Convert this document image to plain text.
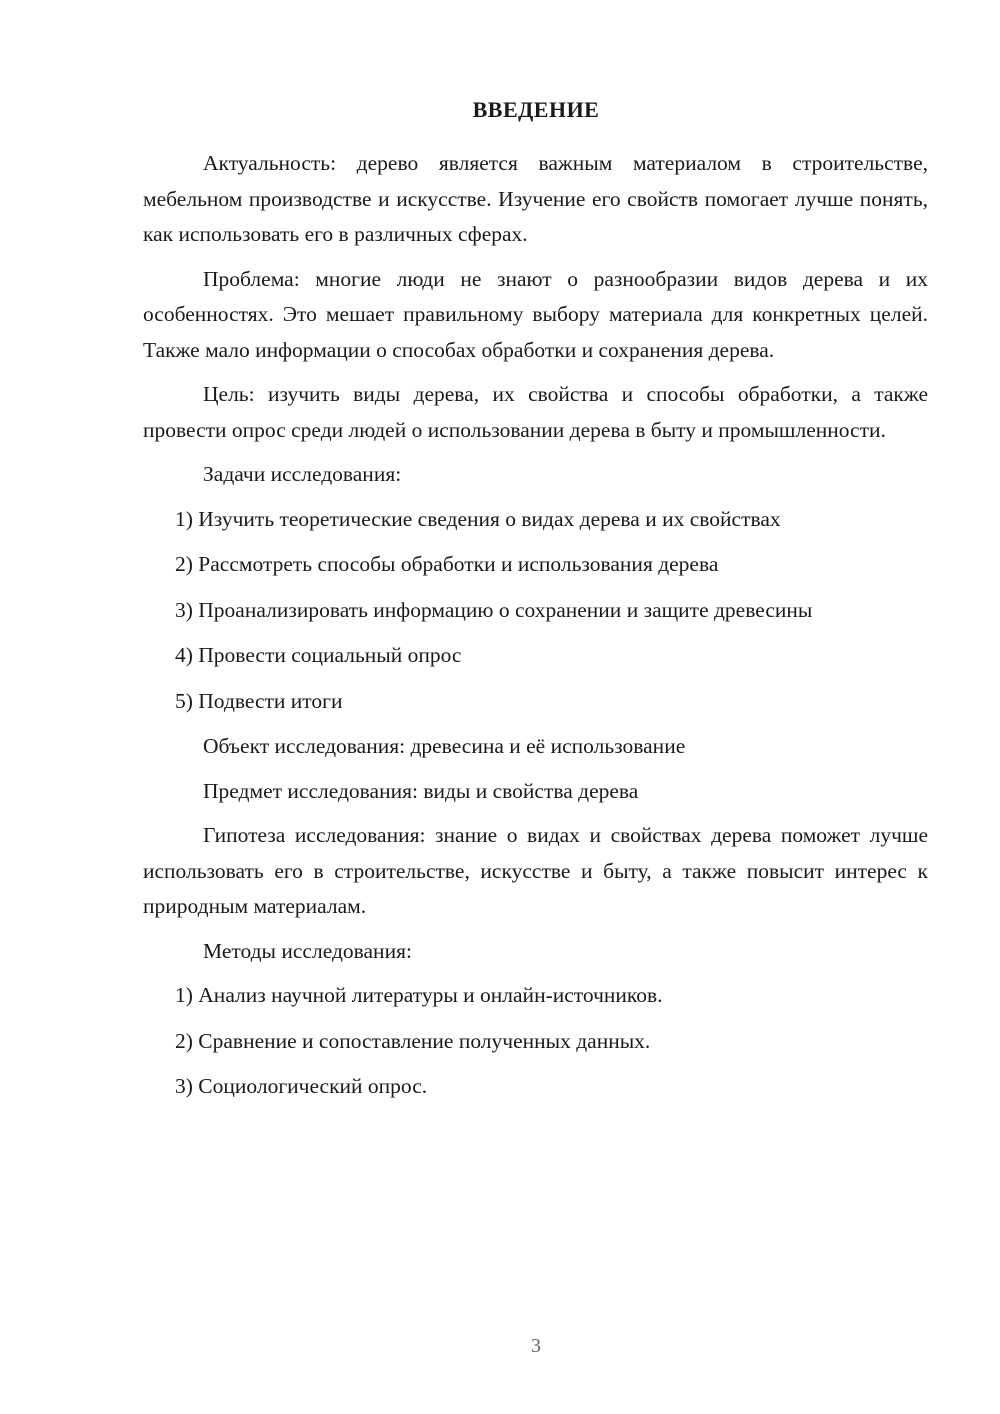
ВВЕДЕНИЕ

Актуальность: дерево является важным материалом в строительстве, мебельном производстве и искусстве. Изучение его свойств помогает лучше понять, как использовать его в различных сферах.

Проблема: многие люди не знают о разнообразии видов дерева и их особенностях. Это мешает правильному выбору материала для конкретных целей. Также мало информации о способах обработки и сохранения дерева.

Цель: изучить виды дерева, их свойства и способы обработки, а также провести опрос среди людей о использовании дерева в быту и промышленности.

Задачи исследования:

1) Изучить теоретические сведения о видах дерева и их свойствах

2) Рассмотреть способы обработки и использования дерева

3) Проанализировать информацию о сохранении и защите древесины

4) Провести социальный опрос

5) Подвести итоги

Объект исследования: древесина и её использование

Предмет исследования: виды и свойства дерева

Гипотеза исследования: знание о видах и свойствах дерева поможет лучше использовать его в строительстве, искусстве и быту, а также повысит интерес к природным материалам.

Методы исследования:

1) Анализ научной литературы и онлайн-источников.

2) Сравнение и сопоставление полученных данных.

3) Социологический опрос.

3
